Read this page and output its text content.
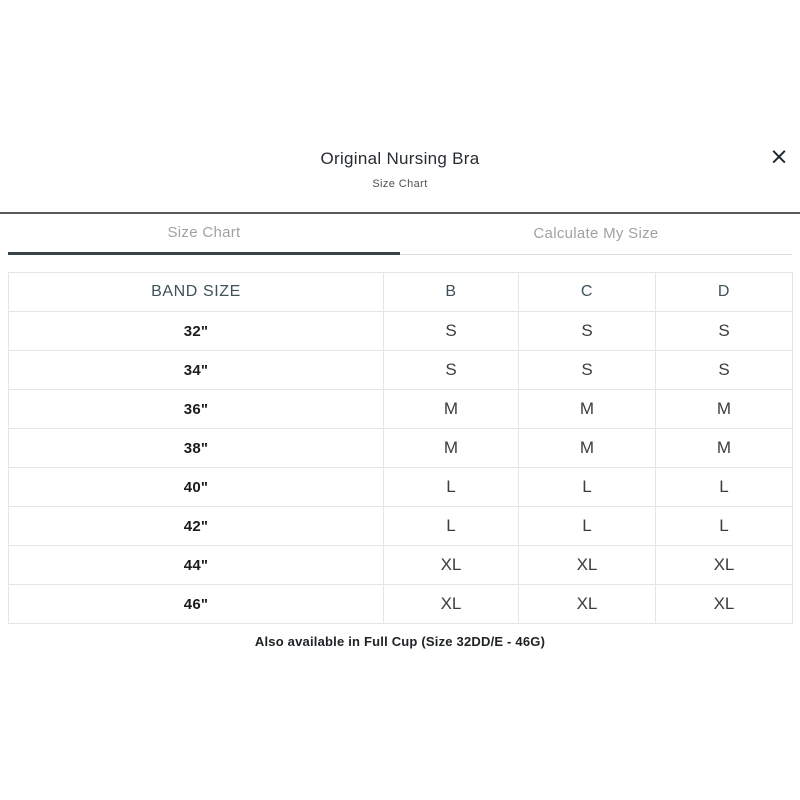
Original Nursing Bra
Size Chart
×
Size Chart	Calculate My Size
BAND SIZE	B	C	D
32"	S	S	S
34"	S	S	S
36"	M	M	M
38"	M	M	M
40"	L	L	L
42"	L	L	L
44"	XL	XL	XL
46"	XL	XL	XL
Also available in Full Cup (Size 32DD/E - 46G)
